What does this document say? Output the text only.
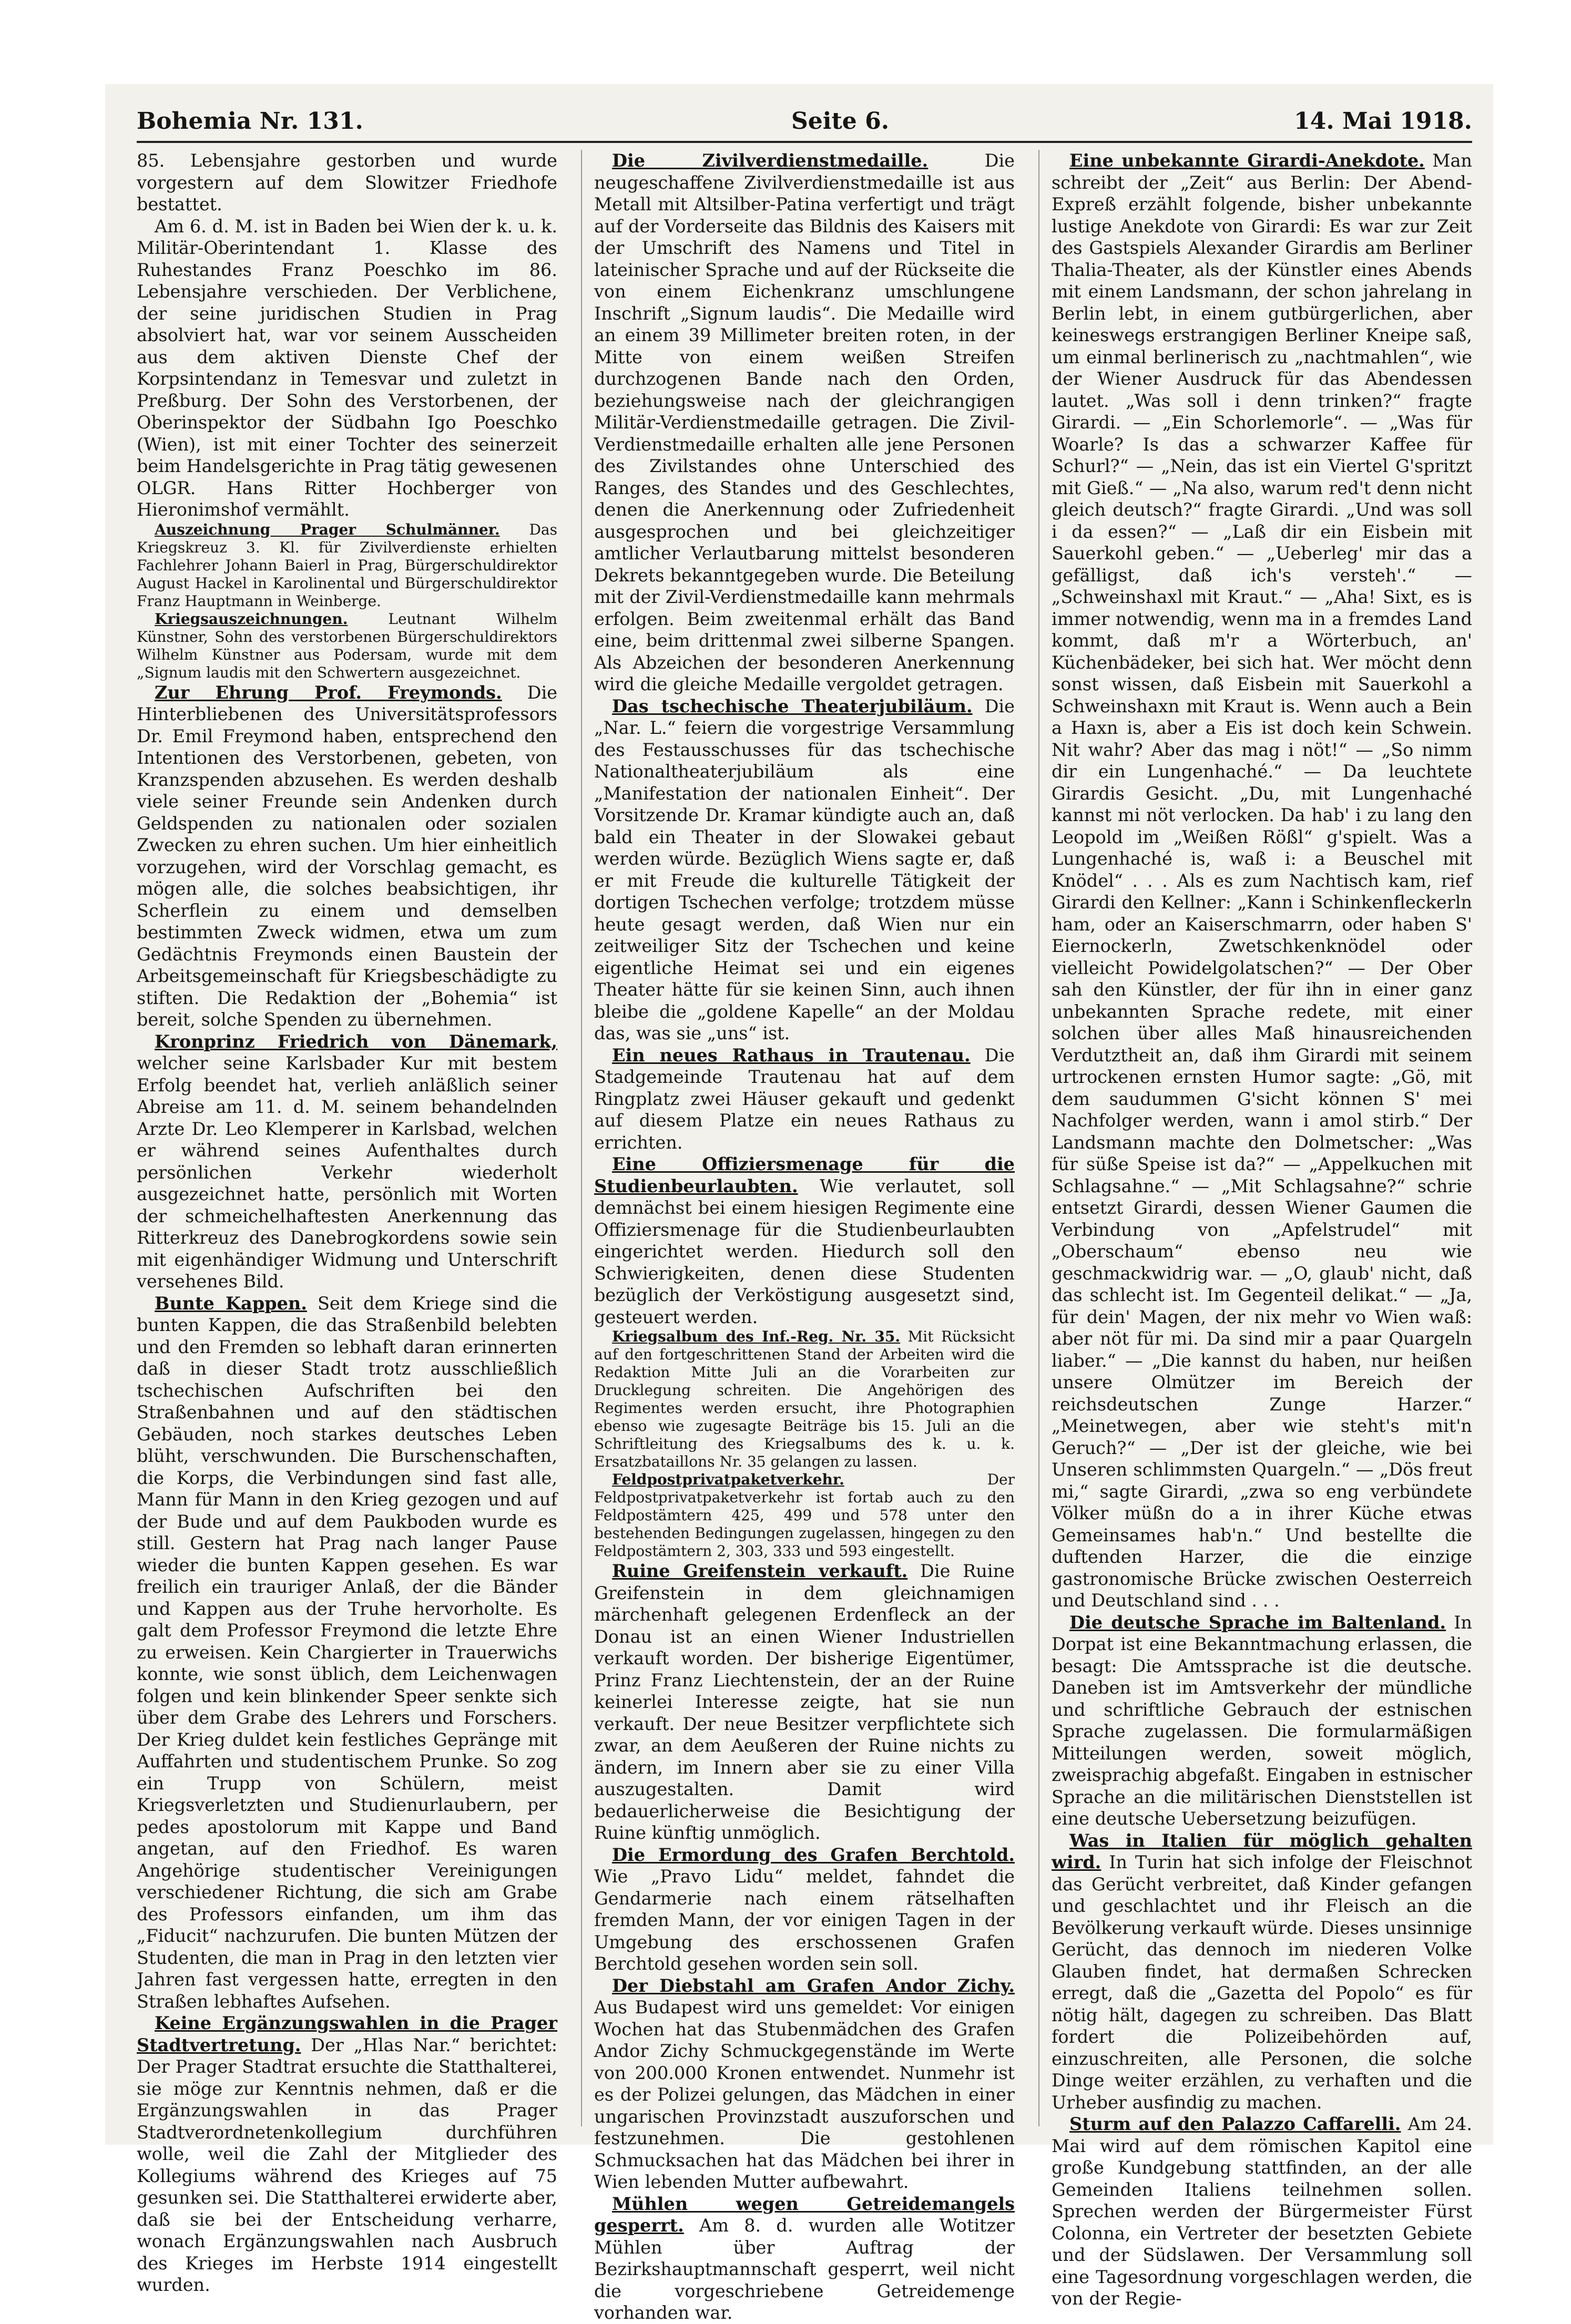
Bohemia Nr. 131.	Seite 6.	14. Mai 1918.

85. Lebensjahre gestorben und wurde vorgestern auf dem Slowitzer Friedhofe bestattet.

Am 6. d. M. ist in Baden bei Wien der k. u. k. Militär-Oberintendant 1. Klasse des Ruhestandes Franz Poeschko im 86. Lebensjahre verschieden. Der Verblichene, der seine juridischen Studien in Prag absolviert hat, war vor seinem Ausscheiden aus dem aktiven Dienste Chef der Korpsintendanz in Temesvar und zuletzt in Preßburg. Der Sohn des Verstorbenen, der Oberinspektor der Südbahn Igo Poeschko (Wien), ist mit einer Tochter des seinerzeit beim Handelsgerichte in Prag tätig gewesenen OLGR. Hans Ritter Hochberger von Hieronimshof vermählt.

Auszeichnung Prager Schulmänner. Das Kriegskreuz 3. Kl. für Zivilverdienste erhielten Fachlehrer Johann Baierl in Prag, Bürgerschuldirektor August Hackel in Karolinental und Bürgerschuldirektor Franz Hauptmann in Weinberge.

Kriegsauszeichnungen.	Leutnant Wilhelm Künstner, Sohn des verstorbenen Bürgerschuldirektors Wilhelm Künstner aus Podersam, wurde mit dem „Signum laudis mit den Schwertern ausgezeichnet.

Zur Ehrung Prof. Freymonds. Die Hinterbliebenen des Universitätsprofessors Dr. Emil Freymond haben, entsprechend den Intentionen des Verstorbenen, gebeten, von Kranzspenden abzusehen. Es werden deshalb viele seiner Freunde sein Andenken durch Geldspenden zu nationalen oder sozialen Zwecken zu ehren suchen. Um hier einheitlich vorzugehen, wird der Vorschlag gemacht, es mögen alle, die solches beabsichtigen, ihr Scherflein zu einem und demselben bestimmten Zweck widmen, etwa um zum Gedächtnis Freymonds einen Baustein der Arbeitsgemeinschaft für Kriegsbeschädigte zu stiften. Die Redaktion der „Bohemia“ ist bereit, solche Spenden zu übernehmen.

Kronprinz Friedrich von Dänemark, welcher seine Karlsbader Kur mit bestem Erfolg beendet hat, verlieh anläßlich seiner Abreise am 11. d. M. seinem behandelnden Arzte Dr. Leo Klemperer in Karlsbad, welchen er während seines Aufenthaltes durch persönlichen Verkehr wiederholt ausgezeichnet hatte, persönlich mit Worten der schmeichelhaftesten Anerkennung das Ritterkreuz des Danebrogkordens sowie sein mit eigenhändiger Widmung und Unterschrift versehenes Bild.

Bunte Kappen. Seit dem Kriege sind die bunten Kappen, die das Straßenbild belebten und den Fremden so lebhaft daran erinnerten daß in dieser Stadt trotz ausschließlich tschechischen Aufschriften bei den Straßenbahnen und auf den städtischen Gebäuden, noch starkes deutsches Leben blüht, verschwunden. Die Burschenschaften, die Korps, die Verbindungen sind fast alle, Mann für Mann in den Krieg gezogen und auf der Bude und auf dem Paukboden wurde es still. Gestern hat Prag nach langer Pause wieder die bunten Kappen gesehen. Es war freilich ein trauriger Anlaß, der die Bänder und Kappen aus der Truhe hervorholte. Es galt dem Professor Freymond die letzte Ehre zu erweisen. Kein Chargierter in Trauerwichs konnte, wie sonst üblich, dem Leichenwagen folgen und kein blinkender Speer senkte sich über dem Grabe des Lehrers und Forschers. Der Krieg duldet kein festliches Gepränge mit Auffahrten und studentischem Prunke. So zog ein Trupp von Schülern, meist Kriegsverletzten und Studienurlaubern, per pedes apostolorum mit Kappe und Band angetan, auf den Friedhof. Es waren Angehörige studentischer Vereinigungen verschiedener Richtung, die sich am Grabe des Professors einfanden, um ihm das „Fiducit“ nachzurufen. Die bunten Mützen der Studenten, die man in Prag in den letzten vier Jahren fast vergessen hatte, erregten in den Straßen lebhaftes Aufsehen.

Keine Ergänzungswahlen in die Prager Stadtvertretung. Der „Hlas Nar.“ berichtet: Der Prager Stadtrat ersuchte die Statthalterei, sie möge zur Kenntnis nehmen, daß er die Ergänzungswahlen in das Prager Stadtverordnetenkollegium durchführen wolle, weil die Zahl der Mitglieder des Kollegiums während des Krieges auf 75 gesunken sei. Die Statthalterei erwiderte aber, daß sie bei der Entscheidung verharre, wonach Ergänzungswahlen nach Ausbruch des Krieges im Herbste 1914 eingestellt wurden.

Die Zivilverdienstmedaille.	Die neugeschaffene Zivilverdienstmedaille ist aus Metall mit Altsilber-Patina verfertigt und trägt auf der Vorderseite das Bildnis des Kaisers mit der Umschrift des Namens und Titel in lateinischer Sprache und auf der Rückseite die von einem Eichenkranz umschlungene Inschrift „Signum laudis“. Die Medaille wird an einem 39 Millimeter breiten roten, in der Mitte von einem weißen Streifen durchzogenen Bande nach den Orden, beziehungsweise nach der gleichrangigen Militär-Verdienstmedaille getragen. Die Zivil-Verdienstmedaille erhalten alle jene Personen des Zivilstandes ohne Unterschied des Ranges, des Standes und des Geschlechtes, denen die Anerkennung oder Zufriedenheit ausgesprochen und bei gleichzeitiger amtlicher Verlautbarung mittelst besonderen Dekrets bekanntgegeben wurde. Die Beteilung mit der Zivil-Verdienstmedaille kann mehrmals erfolgen. Beim zweitenmal erhält das Band eine, beim drittenmal zwei silberne Spangen. Als Abzeichen der besonderen Anerkennung wird die gleiche Medaille vergoldet getragen.

Das tschechische Theaterjubiläum. Die „Nar. L.“ feiern die vorgestrige Versammlung des Festausschusses für das tschechische Nationaltheaterjubiläum als eine „Manifestation der nationalen Einheit“. Der Vorsitzende Dr. Kramar kündigte auch an, daß bald ein Theater in der Slowakei gebaut werden würde. Bezüglich Wiens sagte er, daß er mit Freude die kulturelle Tätigkeit der dortigen Tschechen verfolge; trotzdem müsse heute gesagt werden, daß Wien nur ein zeitweiliger Sitz der Tschechen und keine eigentliche Heimat sei und ein eigenes Theater hätte für sie keinen Sinn, auch ihnen bleibe die „goldene Kapelle“ an der Moldau das, was sie „uns“ ist.

Ein neues Rathaus in Trautenau. Die Stadgemeinde Trautenau hat auf dem Ringplatz zwei Häuser gekauft und gedenkt auf diesem Platze ein neues Rathaus zu errichten.

Eine Offiziersmenage für die Studienbeurlaubten. Wie verlautet, soll demnächst bei einem hiesigen Regimente eine Offiziersmenage für die Studienbeurlaubten eingerichtet werden. Hiedurch soll den Schwierigkeiten, denen diese Studenten bezüglich der Verköstigung ausgesetzt sind, gesteuert werden.

Kriegsalbum des Inf.-Reg. Nr. 35. Mit Rücksicht auf den fortgeschrittenen Stand der Arbeiten wird die Redaktion Mitte Juli an die Vorarbeiten zur Drucklegung schreiten. Die Angehörigen des Regimentes werden ersucht, ihre Photographien ebenso wie zugesagte Beiträge bis 15. Juli an die Schriftleitung des Kriegsalbums des k. u. k. Ersatzbataillons Nr. 35 gelangen zu lassen.

Feldpostprivatpaketverkehr.	Der Feldpostprivatpaketverkehr ist fortab auch zu den Feldpostämtern 425, 499 und 578 unter den bestehenden Bedingungen zugelassen, hingegen zu den Feldpostämtern 2, 303, 333 und 593 eingestellt.

Ruine Greifenstein verkauft. Die Ruine Greifenstein in dem gleichnamigen märchenhaft gelegenen Erdenfleck an der Donau ist an einen Wiener Industriellen verkauft worden. Der bisherige Eigentümer, Prinz Franz Liechtenstein, der an der Ruine keinerlei Interesse zeigte, hat sie nun verkauft. Der neue Besitzer verpflichtete sich zwar, an dem Aeußeren der Ruine nichts zu ändern, im Innern aber sie zu einer Villa auszugestalten. Damit wird bedauerlicherweise die Besichtigung der Ruine künftig unmöglich.

Die Ermordung des Grafen Berchtold. Wie „Pravo Lidu“ meldet, fahndet die Gendarmerie nach einem rätselhaften fremden Mann, der vor einigen Tagen in der Umgebung des erschossenen Grafen Berchtold gesehen worden sein soll.

Der Diebstahl am Grafen Andor Zichy. Aus Budapest wird uns gemeldet: Vor einigen Wochen hat das Stubenmädchen des Grafen Andor Zichy Schmuckgegenstände im Werte von 200.000 Kronen entwendet. Nunmehr ist es der Polizei gelungen, das Mädchen in einer ungarischen Provinzstadt auszuforschen und festzunehmen. Die gestohlenen Schmucksachen hat das Mädchen bei ihrer in Wien lebenden Mutter aufbewahrt.

Mühlen wegen Getreidemangels gesperrt. Am 8. d. wurden alle Wotitzer Mühlen über Auftrag der Bezirkshauptmannschaft gesperrt, weil nicht die vorgeschriebene Getreidemenge vorhanden war.

Eine unbekannte Girardi-Anekdote. Man schreibt der „Zeit“ aus Berlin: Der Abend-Expreß erzählt folgende, bisher unbekannte lustige Anekdote von Girardi: Es war zur Zeit des Gastspiels Alexander Girardis am Berliner Thalia-Theater, als der Künstler eines Abends mit einem Landsmann, der schon jahrelang in Berlin lebt, in einem gutbürgerlichen, aber keineswegs erstrangigen Berliner Kneipe saß, um einmal berlinerisch zu „nachtmahlen“, wie der Wiener Ausdruck für das Abendessen lautet. „Was soll i denn trinken?“ fragte Girardi. — „Ein Schorlemorle“. — „Was für Woarle? Is das a schwarzer Kaffee für Schurl?“ — „Nein, das ist ein Viertel G'spritzt mit Gieß.“ — „Na also, warum red't denn nicht gleich deutsch?“ fragte Girardi. „Und was soll i da essen?“ — „Laß dir ein Eisbein mit Sauerkohl geben.“ — „Ueberleg' mir das a gefälligst, daß ich's versteh'.“ — „Schweinshaxl mit Kraut.“ — „Aha! Sixt, es is immer notwendig, wenn ma in a fremdes Land kommt, daß m'r a Wörterbuch, an' Küchenbädeker, bei sich hat. Wer möcht denn sonst wissen, daß Eisbein mit Sauerkohl a Schweinshaxn mit Kraut is. Wenn auch a Bein a Haxn is, aber a Eis ist doch kein Schwein. Nit wahr? Aber das mag i nöt!“ — „So nimm dir ein Lungenhaché.“ — Da leuchtete Girardis Gesicht. „Du, mit Lungenhaché kannst mi nöt verlocken. Da hab' i zu lang den Leopold im „Weißen Rößl“ g'spielt. Was a Lungenhaché is, waß i: a Beuschel mit Knödel“ . . . Als es zum Nachtisch kam, rief Girardi den Kellner: „Kann i Schinkenfleckerln ham, oder an Kaiserschmarrn, oder haben S' Eiernockerln, Zwetschkenknödel oder vielleicht Powidelgolatschen?“ — Der Ober sah den Künstler, der für ihn in einer ganz unbekannten Sprache redete, mit einer solchen über alles Maß hinausreichenden Verdutztheit an, daß ihm Girardi mit seinem urtrockenen ernsten Humor sagte: „Gö, mit dem saudummen G'sicht können S' mei Nachfolger werden, wann i amol stirb.“ Der Landsmann machte den Dolmetscher: „Was für süße Speise ist da?“ — „Appelkuchen mit Schlagsahne.“ — „Mit Schlagsahne?“ schrie entsetzt Girardi, dessen Wiener Gaumen die Verbindung von „Apfelstrudel“ mit „Oberschaum“ ebenso neu wie geschmackwidrig war. — „O, glaub' nicht, daß das schlecht ist. Im Gegenteil delikat.“ — „Ja, für dein' Magen, der nix mehr vo Wien waß: aber nöt für mi. Da sind mir a paar Quargeln liaber.“ — „Die kannst du haben, nur heißen unsere Olmützer im Bereich der reichsdeutschen Zunge Harzer.“ „Meinetwegen, aber wie steht's mit'n Geruch?“ — „Der ist der gleiche, wie bei Unseren schlimmsten Quargeln.“ — „Dös freut mi,“ sagte Girardi, „zwa so eng verbündete Völker müßn do a in ihrer Küche etwas Gemeinsames hab'n.“ Und bestellte die duftenden Harzer, die die einzige gastronomische Brücke zwischen Oesterreich und Deutschland sind . . .

Die deutsche Sprache im Baltenland. In Dorpat ist eine Bekanntmachung erlassen, die besagt: Die Amtssprache ist die deutsche. Daneben ist im Amtsverkehr der mündliche und schriftliche Gebrauch der estnischen Sprache zugelassen. Die formularmäßigen Mitteilungen werden, soweit möglich, zweisprachig abgefaßt. Eingaben in estnischer Sprache an die militärischen Dienststellen ist eine deutsche Uebersetzung beizufügen.

Was in Italien für möglich gehalten wird. In Turin hat sich infolge der Fleischnot das Gerücht verbreitet, daß Kinder gefangen und geschlachtet und ihr Fleisch an die Bevölkerung verkauft würde. Dieses unsinnige Gerücht, das dennoch im niederen Volke Glauben findet, hat dermaßen Schrecken erregt, daß die „Gazetta del Popolo“ es für nötig hält, dagegen zu schreiben. Das Blatt fordert die Polizeibehörden auf, einzuschreiten, alle Personen, die solche Dinge weiter erzählen, zu verhaften und die Urheber ausfindig zu machen.

Sturm auf den Palazzo Caffarelli. Am 24. Mai wird auf dem römischen Kapitol eine große Kundgebung stattfinden, an der alle Gemeinden Italiens teilnehmen sollen. Sprechen werden der Bürgermeister Fürst Colonna, ein Vertreter der besetzten Gebiete und der Südslawen. Der Versammlung soll eine Tagesordnung vorgeschlagen werden, die von der Regie-
